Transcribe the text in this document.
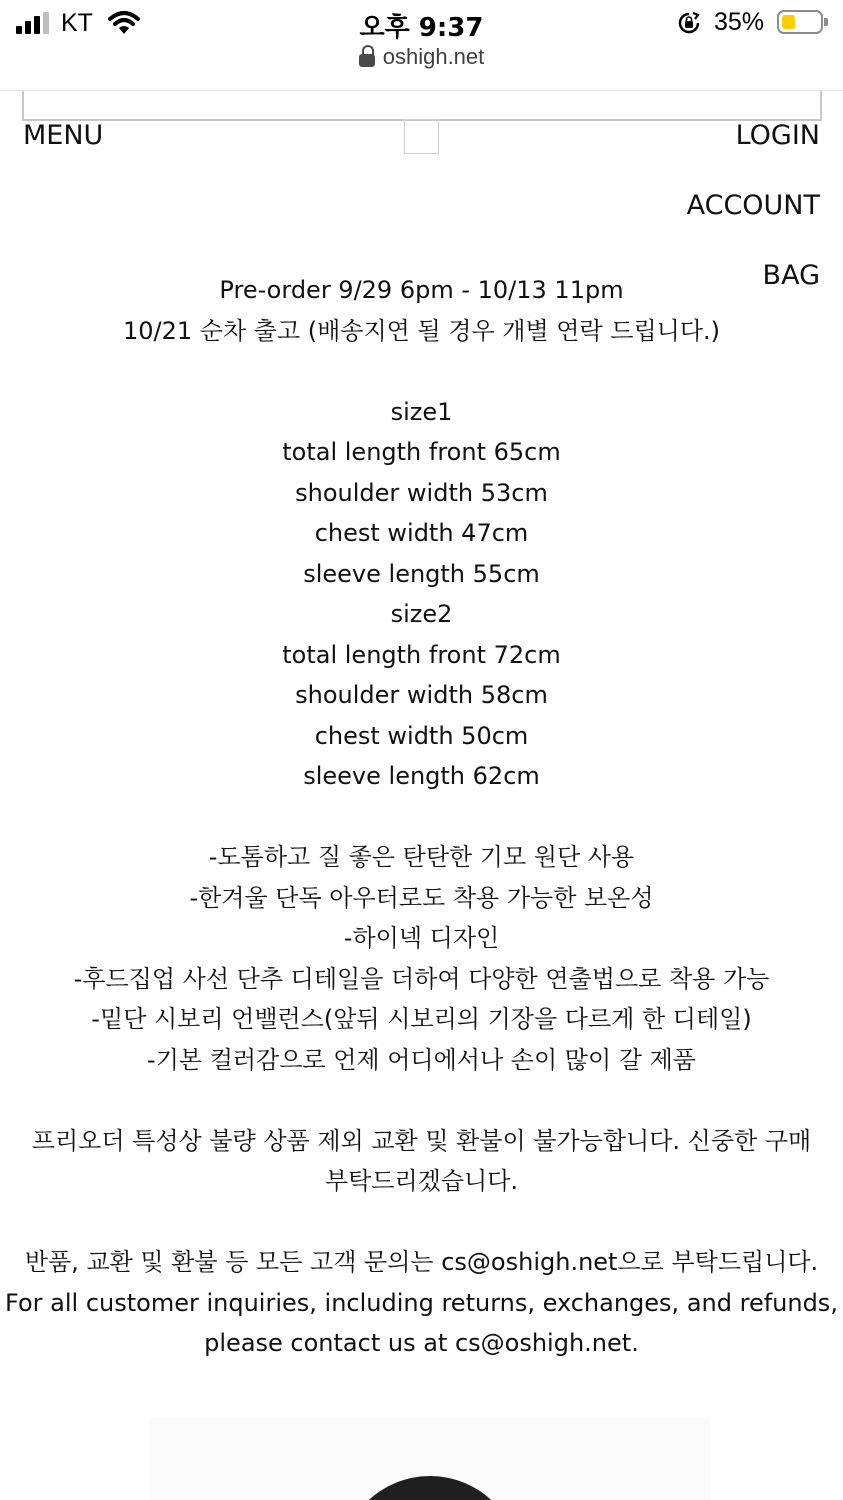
KT	오후 9:37
oshigh.net
35%
MENU	LOGIN
ACCOUNT
BAG
Pre-order 9/29 6pm - 10/13 11pm
10/21 순차 출고 (배송지연 될 경우 개별 연락 드립니다.)
size1
total length front 65cm
shoulder width 53cm
chest width 47cm
sleeve length 55cm
size2
total length front 72cm
shoulder width 58cm
chest width 50cm
sleeve length 62cm
-도톰하고 질 좋은 탄탄한 기모 원단 사용
-한겨울 단독 아우터로도 착용 가능한 보온성
-하이넥 디자인
-후드집업 사선 단추 디테일을 더하여 다양한 연출법으로 착용 가능
-밑단 시보리 언밸런스(앞뒤 시보리의 기장을 다르게 한 디테일)
-기본 컬러감으로 언제 어디에서나 손이 많이 갈 제품
프리오더 특성상 불량 상품 제외 교환 및 환불이 불가능합니다. 신중한 구매
부탁드리겠습니다.
반품, 교환 및 환불 등 모든 고객 문의는 cs@oshigh.net으로 부탁드립니다.
For all customer inquiries, including returns, exchanges, and refunds,
please contact us at cs@oshigh.net.
